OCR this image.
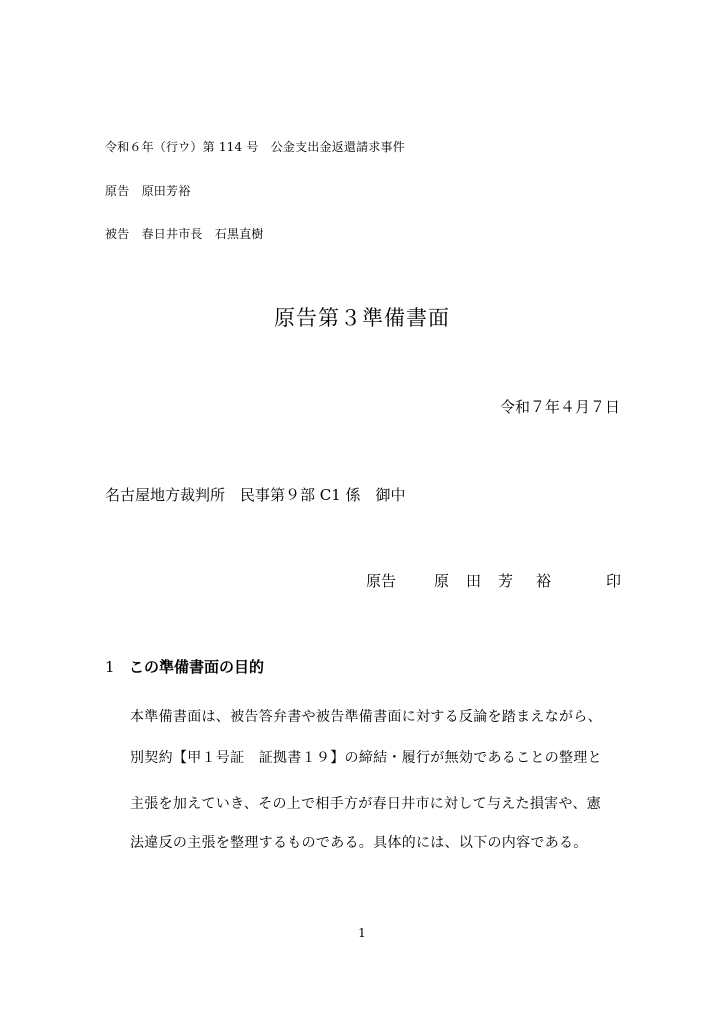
令和６年（行ウ）第 114 号　公金支出金返還請求事件
原告　原田芳裕
被告　春日井市長　石黒直樹
原告第３準備書面
令和７年４月７日
名古屋地方裁判所　民事第９部 C1 係　御中
原告	原 田 芳 裕	印
1 この準備書面の目的
本準備書面は、被告答弁書や被告準備書面に対する反論を踏まえながら、
別契約【甲１号証　証拠書１９】の締結・履行が無効であることの整理と
主張を加えていき、その上で相手方が春日井市に対して与えた損害や、憲
法違反の主張を整理するものである。具体的には、以下の内容である。
1
